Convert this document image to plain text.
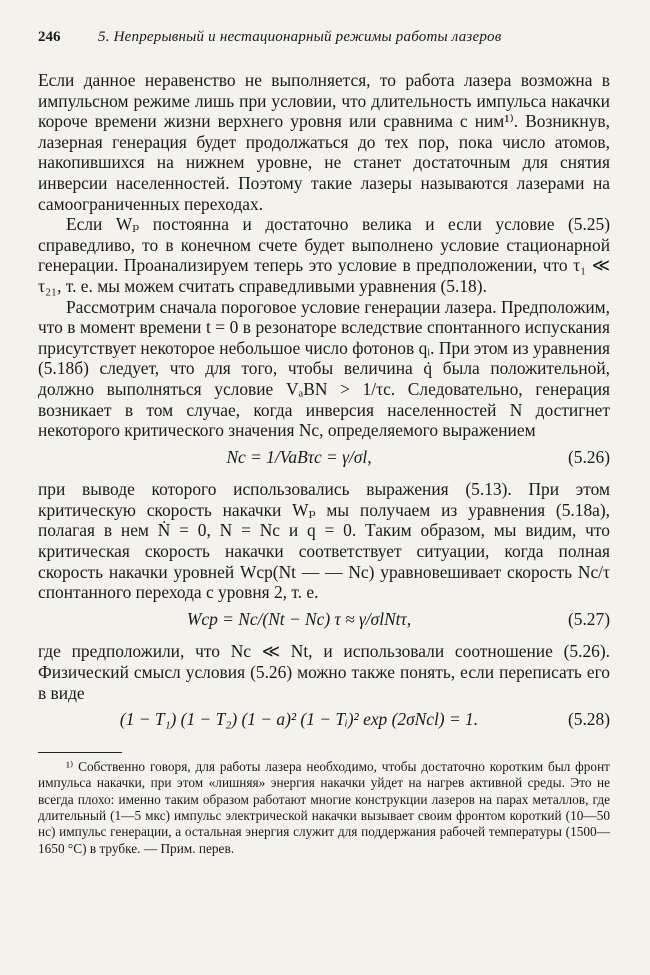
246	5. Непрерывный и нестационарный режимы работы лазеров

Если данное неравенство не выполняется, то работа лазера возможна в импульсном режиме лишь при условии, что длительность импульса накачки короче времени жизни верхнего уровня или сравнима с ним¹⁾. Возникнув, лазерная генерация будет продолжаться до тех пор, пока число атомов, накопившихся на нижнем уровне, не станет достаточным для снятия инверсии населенностей. Поэтому такие лазеры называются лазерами на самоограниченных переходах.

Если Wₚ постоянна и достаточно велика и если условие (5.25) справедливо, то в конечном счете будет выполнено условие стационарной генерации. Проанализируем теперь это условие в предположении, что τ₁ ≪ τ₂₁, т. е. мы можем считать справедливыми уравнения (5.18).

Рассмотрим сначала пороговое условие генерации лазера. Предположим, что в момент времени t = 0 в резонаторе вследствие спонтанного испускания присутствует некоторое небольшое число фотонов qᵢ. При этом из уравнения (5.18б) следует, что для того, чтобы величина q̇ была положительной, должно выполняться условие VₐBN > 1/τc. Следовательно, генерация возникает в том случае, когда инверсия населенностей N достигнет некоторого критического значения Nc, определяемого выражением

Nc = 1/VaBτc = γ/σl,	(5.26)

при выводе которого использовались выражения (5.13). При этом критическую скорость накачки Wₚ мы получаем из уравнения (5.18а), полагая в нем Ṅ = 0, N = Nc и q = 0. Таким образом, мы видим, что критическая скорость накачки соответствует ситуации, когда полная скорость накачки уровней Wcp(Nt — — Nc) уравновешивает скорость Nc/τ спонтанного перехода с уровня 2, т. е.

Wcp = Nc/(Nt − Nc) τ ≈ γ/σlNtτ,	(5.27)

где предположили, что Nc ≪ Nt, и использовали соотношение (5.26). Физический смысл условия (5.26) можно также понять, если переписать его в виде

(1 − T₁) (1 − T₂) (1 − a)² (1 − Tᵢ)² exp (2σNcl) = 1.	(5.28)
¹⁾ Собственно говоря, для работы лазера необходимо, чтобы достаточно коротким был фронт импульса накачки, при этом «лишняя» энергия накачки уйдет на нагрев активной среды. Это не всегда плохо: именно таким образом работают многие конструкции лазеров на парах металлов, где длительный (1—5 мкс) импульс электрической накачки вызывает своим фронтом короткий (10—50 нс) импульс генерации, а остальная энергия служит для поддержания рабочей температуры (1500—1650 °C) в трубке. — Прим. перев.
